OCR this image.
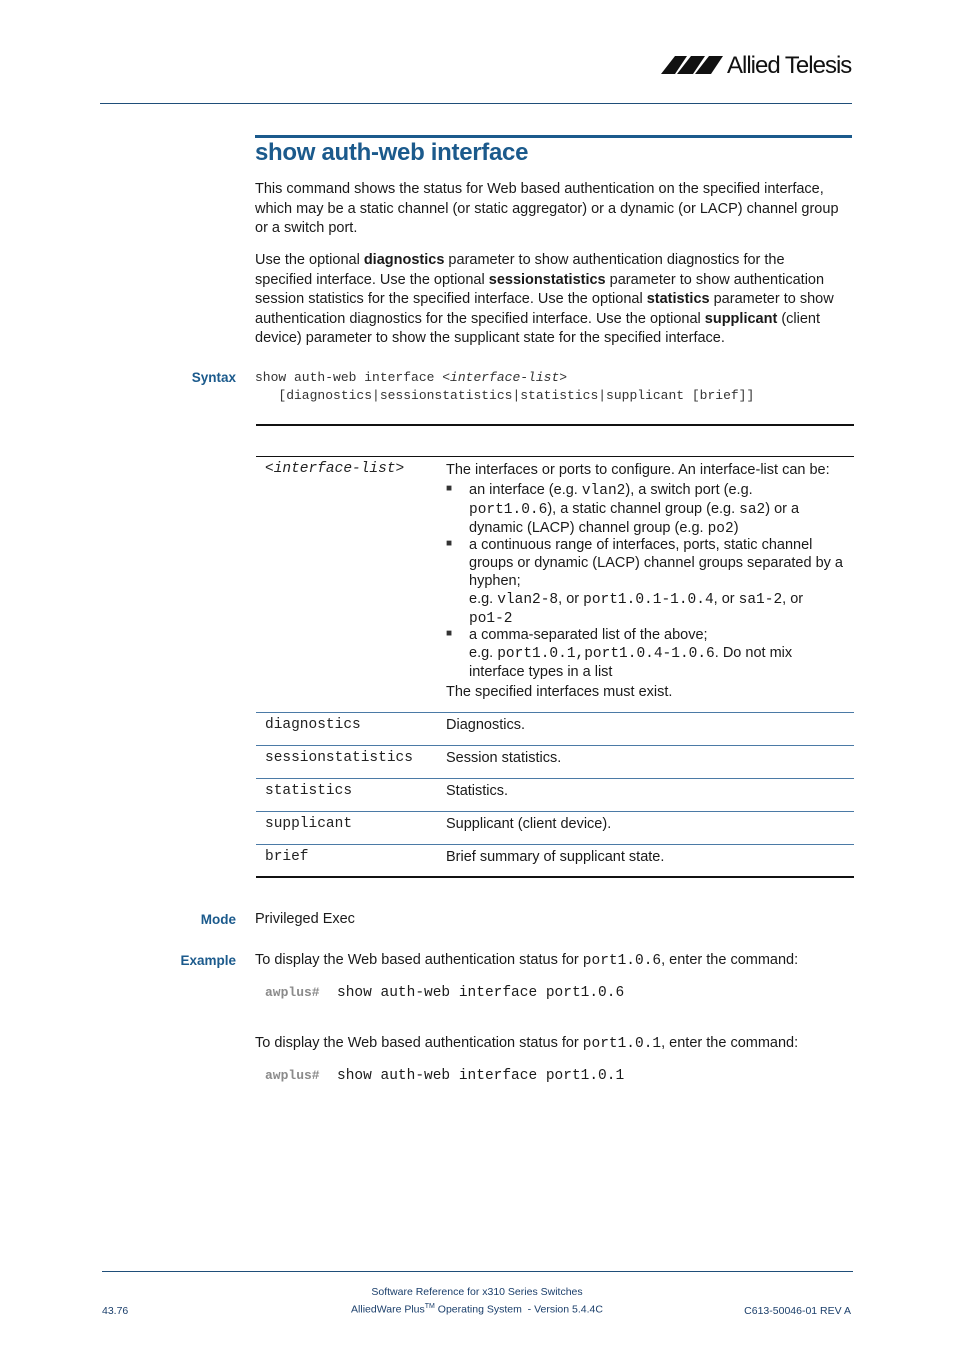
Allied Telesis
show auth-web interface
This command shows the status for Web based authentication on the specified interface,
which may be a static channel (or static aggregator) or a dynamic (or LACP) channel group
or a switch port.
Use the optional diagnostics parameter to show authentication diagnostics for the
specified interface. Use the optional sessionstatistics parameter to show authentication
session statistics for the specified interface. Use the optional statistics parameter to show
authentication diagnostics for the specified interface. Use the optional supplicant (client
device) parameter to show the supplicant state for the specified interface.
Syntax show auth-web interface <interface-list>
[diagnostics|sessionstatistics|statistics|supplicant [brief]]
<interface-list>	The interfaces or ports to configure. An interface-list can be:
■ an interface (e.g. vlan2), a switch port (e.g.
port1.0.6), a static channel group (e.g. sa2) or a
dynamic (LACP) channel group (e.g. po2)
■ a continuous range of interfaces, ports, static channel
groups or dynamic (LACP) channel groups separated by a
hyphen;
e.g. vlan2-8, or port1.0.1-1.0.4, or sa1-2, or
po1-2
■ a comma-separated list of the above;
e.g. port1.0.1,port1.0.4-1.0.6. Do not mix
interface types in a list
The specified interfaces must exist.
diagnostics	Diagnostics.
sessionstatistics Session statistics.
statistics	Statistics.
supplicant	Supplicant (client device).
brief	Brief summary of supplicant state.
Mode Privileged Exec
Example To display the Web based authentication status for port1.0.6, enter the command:
awplus# show auth-web interface port1.0.6
To display the Web based authentication status for port1.0.1, enter the command:
awplus# show auth-web interface port1.0.1
Software Reference for x310 Series Switches
43.76	AlliedWare Plus™ Operating System  - Version 5.4.4C	C613-50046-01 REV A
